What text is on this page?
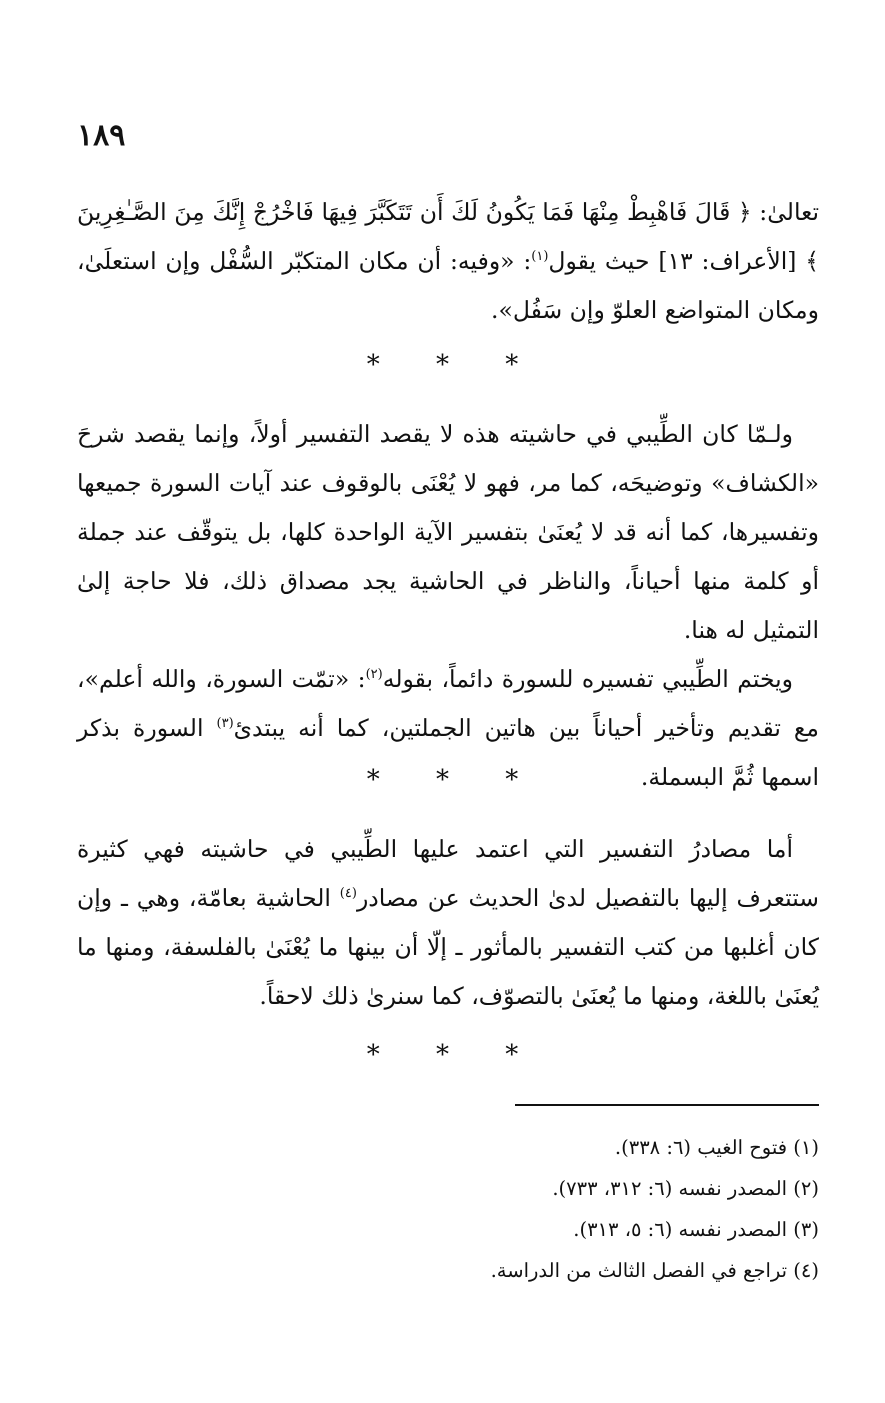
١٨٩

تعالىٰ: ﴿ قَالَ فَاهْبِطْ مِنْهَا فَمَا يَكُونُ لَكَ أَن تَتَكَبَّرَ فِيهَا فَاخْرُجْ إِنَّكَ مِنَ الصَّـٰغِرِينَ ﴾ [الأعراف: ١٣] حيث يقول$^{(١)}$: «وفيه: أن مكان المتكبّر السُّفْل وإن استعلَىٰ، ومكان المتواضع العلوّ وإن سَفُل».

* * *

ولـمّا كان الطِّيبي في حاشيته هذه لا يقصد التفسير أولاً، وإنما يقصد شرحَ «الكشاف» وتوضيحَه، كما مر، فهو لا يُعْنَى بالوقوف عند آيات السورة جميعها وتفسيرها، كما أنه قد لا يُعنَىٰ بتفسير الآية الواحدة كلها، بل يتوقّف عند جملة أو كلمة منها أحياناً، والناظر في الحاشية يجد مصداق ذلك، فلا حاجة إلىٰ التمثيل له هنا.

ويختم الطِّيبي تفسيره للسورة دائماً، بقوله$^{(٢)}$: «تمّت السورة، والله أعلم»، مع تقديم وتأخير أحياناً بين هاتين الجملتين، كما أنه يبتدئ$^{(٣)}$ السورة بذكر اسمها ثُمَّ البسملة.

* * *

أما مصادرُ التفسير التي اعتمد عليها الطِّيبي في حاشيته فهي كثيرة ستتعرف إليها بالتفصيل لدىٰ الحديث عن مصادر$^{(٤)}$ الحاشية بعامّة، وهي ـ وإن كان أغلبها من كتب التفسير بالمأثور ـ إلّا أن بينها ما يُعْنَىٰ بالفلسفة، ومنها ما يُعنَىٰ باللغة، ومنها ما يُعنَىٰ بالتصوّف، كما سنرىٰ ذلك لاحقاً.

* * *
(١) فتوح الغيب (٦: ٣٣٨).
(٢) المصدر نفسه (٦: ٣١٢، ٧٣٣).
(٣) المصدر نفسه (٦: ٥، ٣١٣).
(٤) تراجع في الفصل الثالث من الدراسة.
